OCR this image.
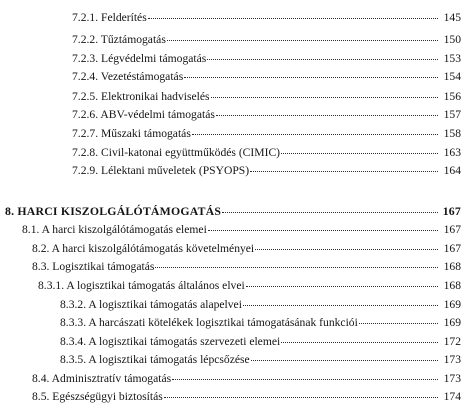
7.2.1. Felderítés	145
7.2.2. Tűztámogatás	150
7.2.3. Légvédelmi támogatás	153
7.2.4. Vezetéstámogatás	154
7.2.5. Elektronikai hadviselés	156
7.2.6. ABV-védelmi támogatás	157
7.2.7. Műszaki támogatás	158
7.2.8. Civil-katonai együttműködés (CIMIC)	163
7.2.9. Lélektani műveletek (PSYOPS)	164
8. HARCI KISZOLGÁLÓTÁMOGATÁS	167
8.1. A harci kiszolgálótámogatás elemei	167
8.2. A harci kiszolgálótámogatás követelményei	167
8.3. Logisztikai támogatás	168
8.3.1. A logisztikai támogatás általános elvei	168
8.3.2. A logisztikai támogatás alapelvei	169
8.3.3. A harcászati kötelékek logisztikai támogatásának funkciói	169
8.3.4. A logisztikai támogatás szervezeti elemei	172
8.3.5. A logisztikai támogatás lépcsőzése	173
8.4. Adminisztratív támogatás	173
8.5. Egészségügyi biztosítás	174
